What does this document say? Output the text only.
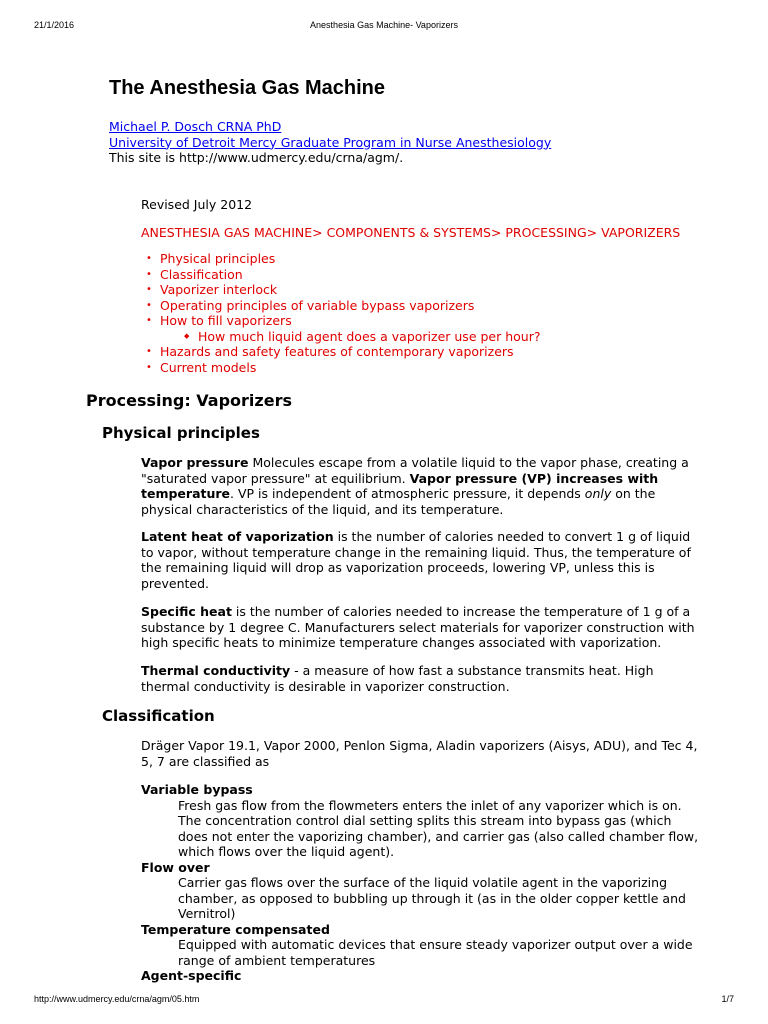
21/1/2016	Anesthesia Gas Machine- Vaporizers
The Anesthesia Gas Machine
Michael P. Dosch CRNA PhD
University of Detroit Mercy Graduate Program in Nurse Anesthesiology
This site is http://www.udmercy.edu/crna/agm/.

Revised July 2012

ANESTHESIA GAS MACHINE> COMPONENTS & SYSTEMS> PROCESSING> VAPORIZERS

• Physical principles
• Classification
• Vaporizer interlock
• Operating principles of variable bypass vaporizers
• How to fill vaporizers
◆ How much liquid agent does a vaporizer use per hour?
• Hazards and safety features of contemporary vaporizers
• Current models
Processing: Vaporizers
Physical principles

Vapor pressure Molecules escape from a volatile liquid to the vapor phase, creating a "saturated vapor pressure" at equilibrium. Vapor pressure (VP) increases with temperature. VP is independent of atmospheric pressure, it depends only on the physical characteristics of the liquid, and its temperature.

Latent heat of vaporization is the number of calories needed to convert 1 g of liquid to vapor, without temperature change in the remaining liquid. Thus, the temperature of the remaining liquid will drop as vaporization proceeds, lowering VP, unless this is prevented.

Specific heat is the number of calories needed to increase the temperature of 1 g of a substance by 1 degree C. Manufacturers select materials for vaporizer construction with high specific heats to minimize temperature changes associated with vaporization.

Thermal conductivity - a measure of how fast a substance transmits heat. High thermal conductivity is desirable in vaporizer construction.

Classification

Dräger Vapor 19.1, Vapor 2000, Penlon Sigma, Aladin vaporizers (Aisys, ADU), and Tec 4, 5, 7 are classified as

Variable bypass
Fresh gas flow from the flowmeters enters the inlet of any vaporizer which is on. The concentration control dial setting splits this stream into bypass gas (which does not enter the vaporizing chamber), and carrier gas (also called chamber flow, which flows over the liquid agent).
Flow over
Carrier gas flows over the surface of the liquid volatile agent in the vaporizing chamber, as opposed to bubbling up through it (as in the older copper kettle and Vernitrol)
Temperature compensated
Equipped with automatic devices that ensure steady vaporizer output over a wide range of ambient temperatures
Agent-specific
http://www.udmercy.edu/crna/agm/05.htm	1/7
